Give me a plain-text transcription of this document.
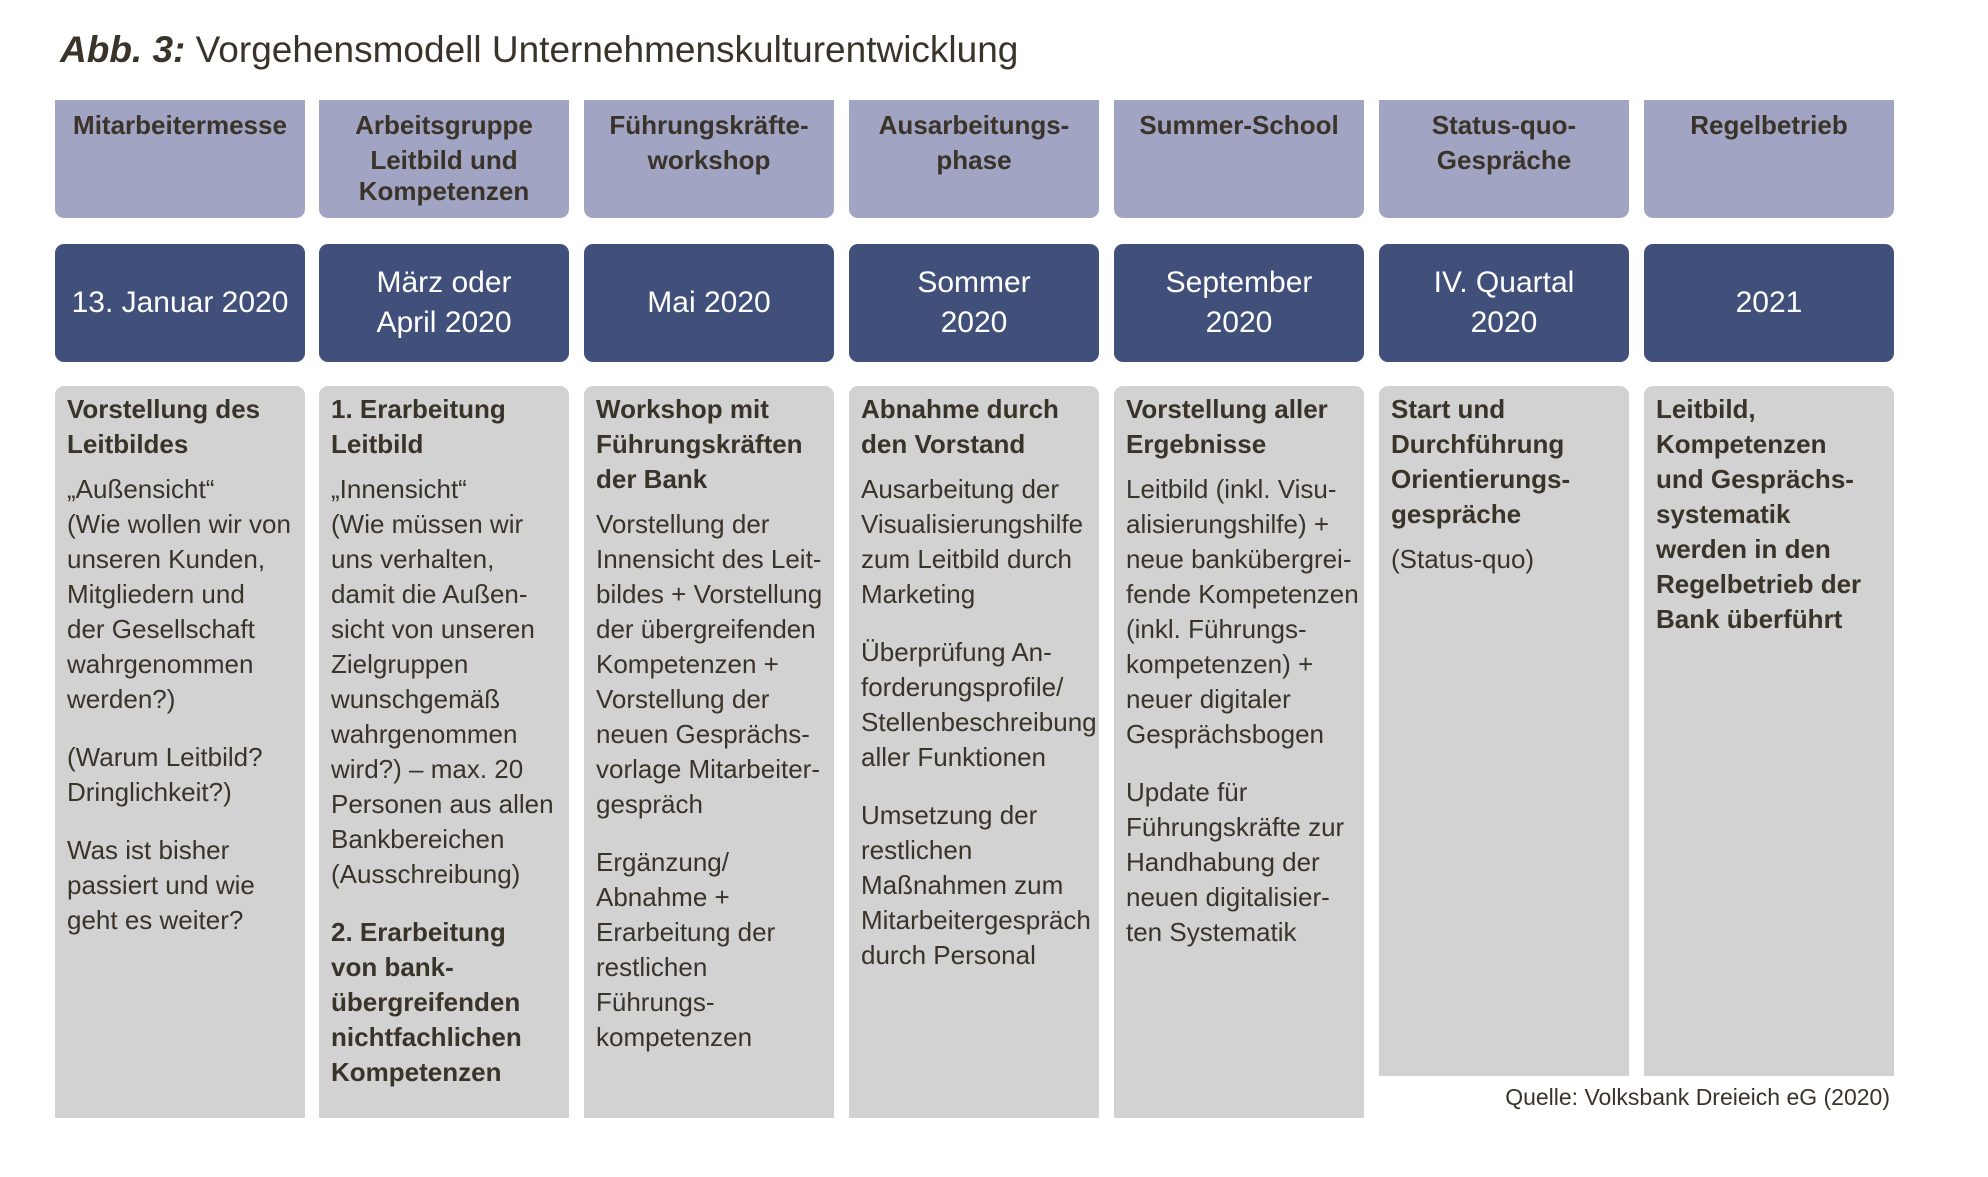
Abb. 3: Vorgehensmodell Unternehmenskulturentwicklung
Mitarbeitermesse
13. Januar 2020
Vorstellung des
Leitbildes
„Außensicht“
(Wie wollen wir von
unseren Kunden,
Mitgliedern und
der Gesellschaft
wahrgenommen
werden?)
(Warum Leitbild?
Dringlichkeit?)
Was ist bisher
passiert und wie
geht es weiter?
Arbeitsgruppe
Leitbild und
Kompetenzen
März oder
April 2020
1. Erarbeitung
Leitbild
„Innensicht“
(Wie müssen wir
uns verhalten,
damit die Außen-
sicht von unseren
Zielgruppen
wunschgemäß
wahrgenommen
wird?) – max. 20
Personen aus allen
Bankbereichen
(Ausschreibung)
2. Erarbeitung
von bank-
übergreifenden
nichtfachlichen
Kompetenzen
Führungskräfte-
workshop
Mai 2020
Workshop mit
Führungskräften
der Bank
Vorstellung der
Innensicht des Leit-
bildes + Vorstellung
der übergreifenden
Kompetenzen +
Vorstellung der
neuen Gesprächs-
vorlage Mitarbeiter-
gespräch
Ergänzung/
Abnahme +
Erarbeitung der
restlichen Führungs-
kompetenzen
Ausarbeitungs-
phase
Sommer
2020
Abnahme durch
den Vorstand
Ausarbeitung der
Visualisierungshilfe
zum Leitbild durch
Marketing
Überprüfung An-
forderungsprofile/
Stellenbeschreibung
aller Funktionen
Umsetzung der
restlichen
Maßnahmen zum
Mitarbeitergespräch
durch Personal
Summer-School
September
2020
Vorstellung aller
Ergebnisse
Leitbild (inkl. Visu-
alisierungshilfe) +
neue bankübergrei-
fende Kompetenzen
(inkl. Führungs-
kompetenzen) +
neuer digitaler
Gesprächsbogen
Update für
Führungskräfte zur
Handhabung der
neuen digitalisier-
ten Systematik
Status-quo-
Gespräche
IV. Quartal
2020
Start und
Durchführung
Orientierungs-
gespräche
(Status-quo)
Regelbetrieb
2021
Leitbild,
Kompetenzen
und Gesprächs-
systematik
werden in den
Regelbetrieb der
Bank überführt
Quelle: Volksbank Dreieich eG (2020)
